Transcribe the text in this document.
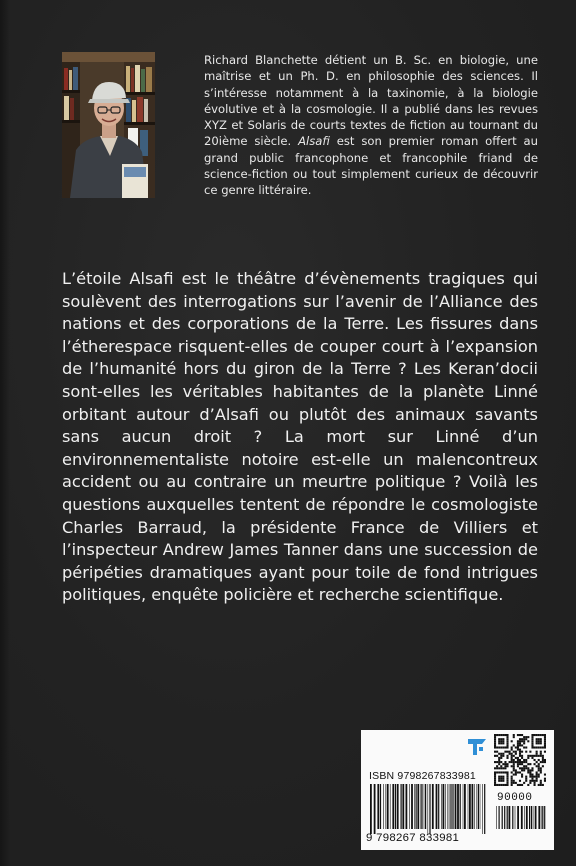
Richard Blanchette détient un B. Sc. en biologie, une maîtrise et un Ph. D. en philosophie des sciences. Il s’intéresse notamment à la taxinomie, à la biologie évolutive et à la cosmologie. Il a publié dans les revues XYZ et Solaris de courts textes de fiction au tournant du 20ième siècle. Alsafi est son premier roman offert au grand public francophone et francophile friand de science-fiction ou tout simplement curieux de découvrir ce genre littéraire.
L’étoile Alsafi est le théâtre d’évènements tragiques qui soulèvent des interrogations sur l’avenir de l’Alliance des nations et des corporations de la Terre. Les fissures dans l’étherespace risquent-elles de couper court à l’expansion de l’humanité hors du giron de la Terre ? Les Keran’docii sont-elles les véritables habitantes de la planète Linné orbitant autour d’Alsafi ou plutôt des animaux savants sans aucun droit ? La mort sur Linné d’un environnementaliste notoire est-elle un malencontreux accident ou au contraire un meurtre politique ? Voilà les questions auxquelles tentent de répondre le cosmologiste Charles Barraud, la présidente France de Villiers et l’inspecteur Andrew James Tanner dans une succession de péripéties dramatiques ayant pour toile de fond intrigues politiques, enquête policière et recherche scientifique.
ISBN 9798267833981
90000
9 798267 833981
